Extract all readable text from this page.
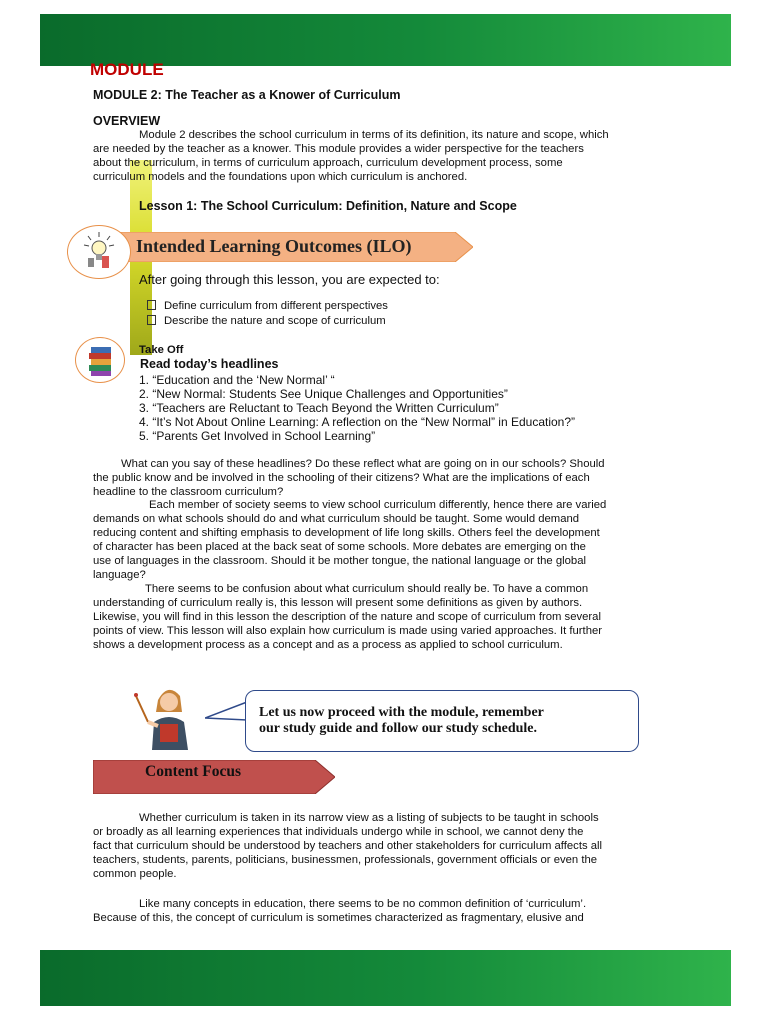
MODULE
MODULE 2: The Teacher as a Knower of Curriculum
OVERVIEW
Module 2 describes the school curriculum in terms of its definition, its nature and scope, which
are needed by the teacher as a knower. This module provides a wider perspective for the teachers
about the curriculum, in terms of curriculum approach, curriculum development process, some
curriculum models and the foundations upon which curriculum is anchored.
Lesson 1: The School Curriculum: Definition, Nature and Scope
Intended Learning Outcomes (ILO)
After going through this lesson, you are expected to:
Define curriculum from different perspectives
Describe the nature and scope of curriculum
Take Off
Read today’s headlines
1. “Education and the ‘New Normal’ “
2. “New Normal: Students See Unique Challenges and Opportunities”
3. “Teachers are Reluctant to Teach Beyond the Written Curriculum”
4. “It’s Not About Online Learning: A reflection on the “New Normal” in Education?”
5. “Parents Get Involved in School Learning”
What can you say of these headlines? Do these reflect what are going on in our schools? Should
the public know and be involved in the schooling of their citizens? What are the implications of each
headline to the classroom curriculum?
Each member of society seems to view school curriculum differently, hence there are varied
demands on what schools should do and what curriculum should be taught. Some would demand
reducing content and shifting emphasis to development of life long skills. Others feel the development
of character has been placed at the back seat of some schools. More debates are emerging on the
use of languages in the classroom. Should it be mother tongue, the national language or the global
language?
There seems to be confusion about what curriculum should really be. To have a common
understanding of curriculum really is, this lesson will present some definitions as given by authors.
Likewise, you will find in this lesson the description of the nature and scope of curriculum from several
points of view. This lesson will also explain how curriculum is made using varied approaches. It further
shows a development process as a concept and as a process as applied to school curriculum.
Let us now proceed with the module, remember
our study guide and follow our study schedule.
Content Focus
Whether curriculum is taken in its narrow view as a listing of subjects to be taught in schools
or broadly as all learning experiences that individuals undergo while in school, we cannot deny the
fact that curriculum should be understood by teachers and other stakeholders for curriculum affects all
teachers, students, parents, politicians, businessmen, professionals, government officials or even the
common people.
Like many concepts in education, there seems to be no common definition of ‘curriculum’.
Because of this, the concept of curriculum is sometimes characterized as fragmentary, elusive and
